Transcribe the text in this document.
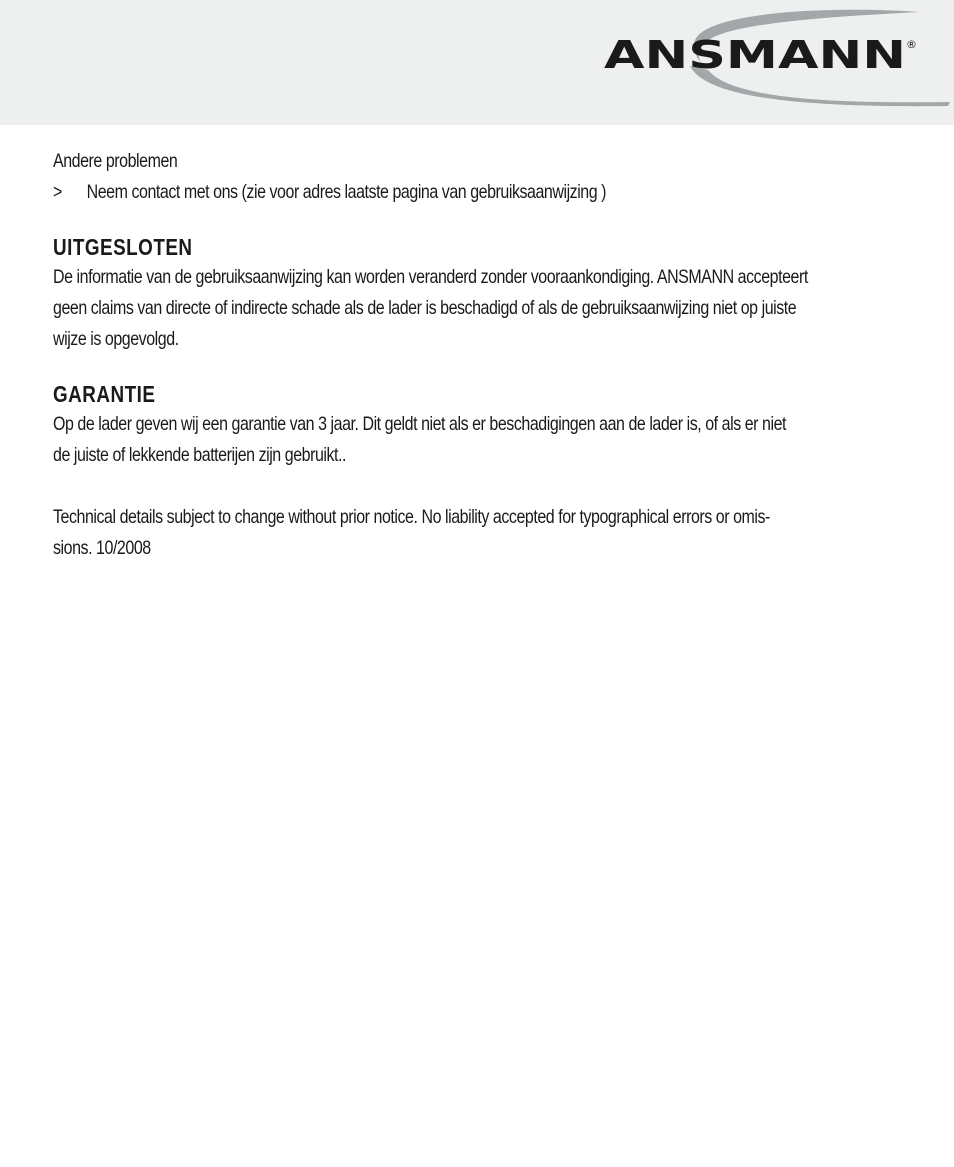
ANSMANN ®
Andere problemen
>	Neem contact met ons (zie voor adres laatste pagina van gebruiksaanwijzing )
UITGESLOTEN

De informatie van de gebruiksaanwijzing kan worden veranderd zonder vooraankondiging. ANSMANN accepteert
geen claims van directe of indirecte schade als de lader is beschadigd of als de gebruiksaanwijzing niet op juiste
wijze is opgevolgd.

GARANTIE

Op de lader geven wij een garantie van 3 jaar. Dit geldt niet als er beschadigingen aan de lader is, of als er niet
de juiste of lekkende batterijen zijn gebruikt..

Technical details subject to change without prior notice. No liability accepted for typographical errors or omis-
sions. 10/2008
